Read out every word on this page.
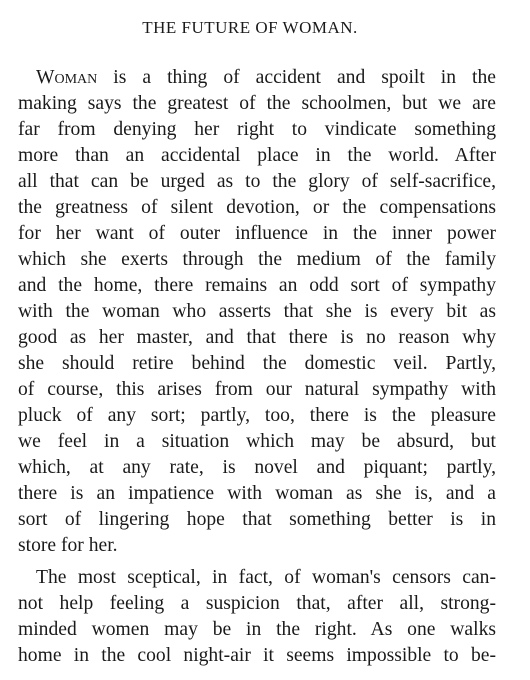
THE FUTURE OF WOMAN.
Woman is a thing of accident and spoilt in the
making says the greatest of the schoolmen, but we are
far from denying her right to vindicate something
more than an accidental place in the world. After
all that can be urged as to the glory of self-sacrifice,
the greatness of silent devotion, or the compensations
for her want of outer influence in the inner power
which she exerts through the medium of the family
and the home, there remains an odd sort of sympathy
with the woman who asserts that she is every bit as
good as her master, and that there is no reason why
she should retire behind the domestic veil. Partly,
of course, this arises from our natural sympathy with
pluck of any sort; partly, too, there is the pleasure
we feel in a situation which may be absurd, but
which, at any rate, is novel and piquant; partly,
there is an impatience with woman as she is, and a
sort of lingering hope that something better is in
store for her.
The most sceptical, in fact, of woman's censors can-
not help feeling a suspicion that, after all, strong-
minded women may be in the right. As one walks
home in the cool night-air it seems impossible to be-
